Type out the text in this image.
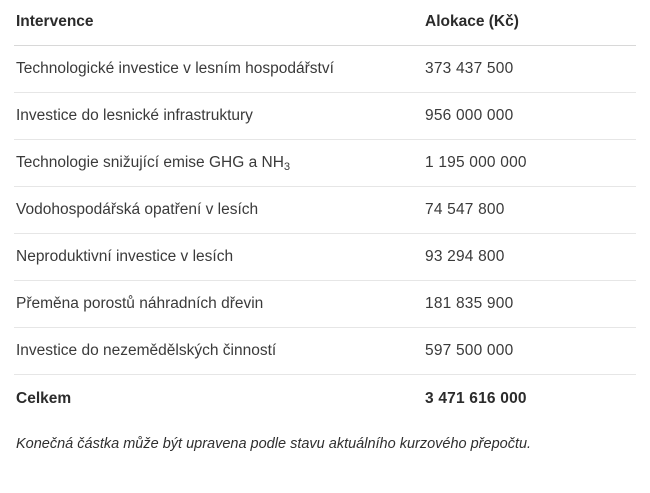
Intervence	Alokace (Kč)
Technologické investice v lesním hospodářství	373 437 500
Investice do lesnické infrastruktury	956 000 000
Technologie snižující emise GHG a $NH_3$	1 195 000 000
Vodohospodářská opatření v lesích	74 547 800
Neproduktivní investice v lesích	93 294 800
Přeměna porostů náhradních dřevin	181 835 900
Investice do nezemědělských činností	597 500 000
Celkem	3 471 616 000
Konečná částka může být upravena podle stavu aktuálního kurzového přepočtu.
